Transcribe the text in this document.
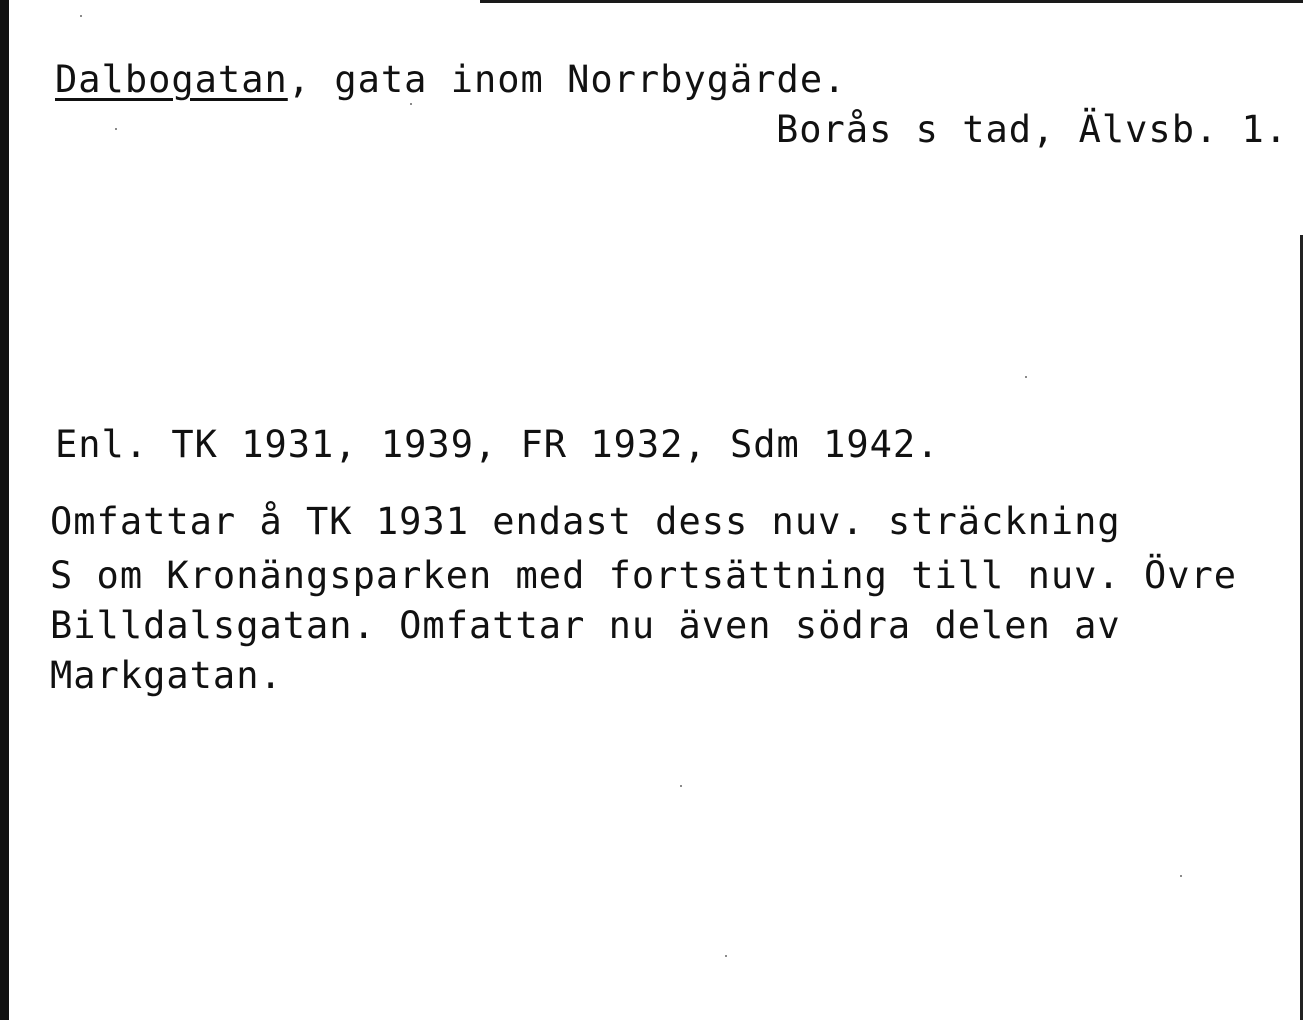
Dalbogatan, gata inom Norrbygärde.

Borås s tad, Älvsb. 1.

Enl. TK 1931, 1939, FR 1932, Sdm 1942.

Omfattar å TK 1931 endast dess nuv. sträckning

S om Kronängsparken med fortsättning till nuv. Övre

Billdalsgatan. Omfattar nu även södra delen av

Markgatan.
